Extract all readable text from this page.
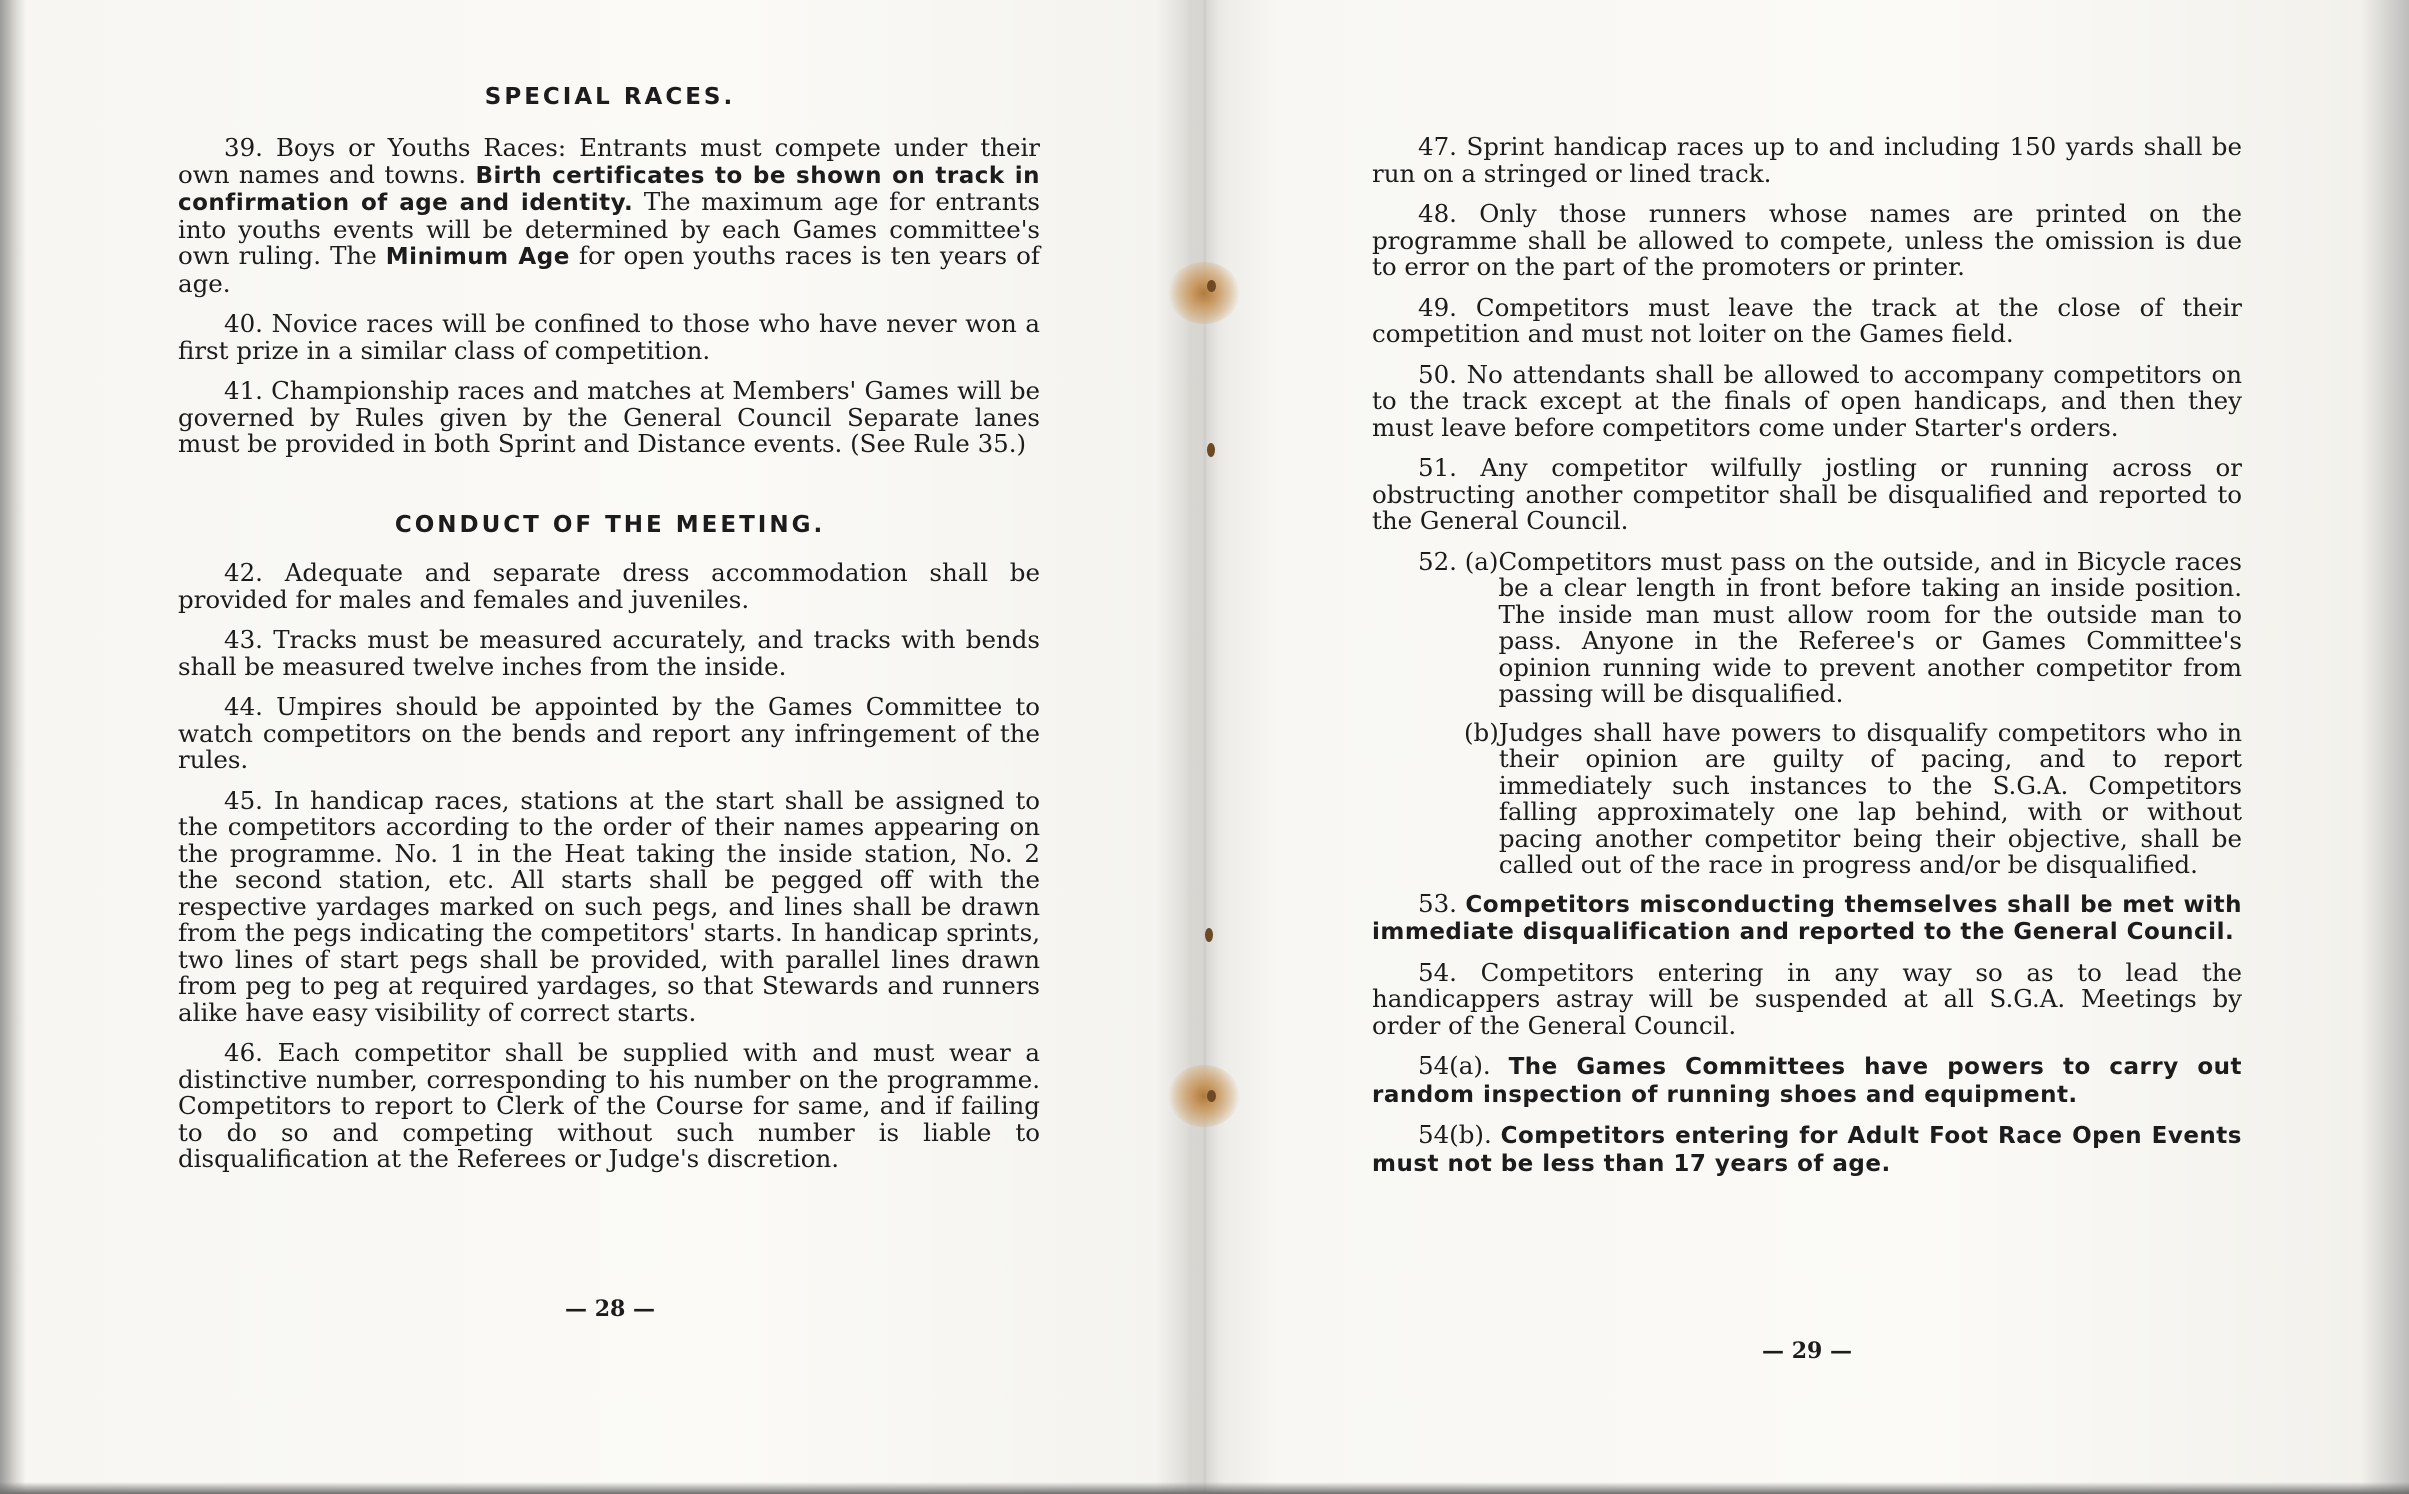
SPECIAL RACES.

39. Boys or Youths Races: Entrants must compete under their own names and towns. Birth certificates to be shown on track in confirmation of age and identity. The maximum age for entrants into youths events will be determined by each Games committee's own ruling. The Minimum Age for open youths races is ten years of age.

40. Novice races will be confined to those who have never won a first prize in a similar class of competition.

41. Championship races and matches at Members' Games will be governed by Rules given by the General Council Separate lanes must be provided in both Sprint and Distance events. (See Rule 35.)

CONDUCT OF THE MEETING.

42. Adequate and separate dress accommodation shall be provided for males and females and juveniles.

43. Tracks must be measured accurately, and tracks with bends shall be measured twelve inches from the inside.

44. Umpires should be appointed by the Games Committee to watch competitors on the bends and report any infringement of the rules.

45. In handicap races, stations at the start shall be assigned to the competitors according to the order of their names appearing on the programme. No. 1 in the Heat taking the inside station, No. 2 the second station, etc. All starts shall be pegged off with the respective yardages marked on such pegs, and lines shall be drawn from the pegs indicating the competitors' starts. In handicap sprints, two lines of start pegs shall be provided, with parallel lines drawn from peg to peg at required yardages, so that Stewards and runners alike have easy visibility of correct starts.

46. Each competitor shall be supplied with and must wear a distinctive number, corresponding to his number on the programme. Competitors to report to Clerk of the Course for same, and if failing to do so and competing without such number is liable to disqualification at the Referees or Judge's discretion.

— 28 —

47. Sprint handicap races up to and including 150 yards shall be run on a stringed or lined track.

48. Only those runners whose names are printed on the programme shall be allowed to compete, unless the omission is due to error on the part of the promoters or printer.

49. Competitors must leave the track at the close of their competition and must not loiter on the Games field.

50. No attendants shall be allowed to accompany competitors on to the track except at the finals of open handicaps, and then they must leave before competitors come under Starter's orders.

51. Any competitor wilfully jostling or running across or obstructing another competitor shall be disqualified and reported to the General Council.

52. (a) Competitors must pass on the outside, and in Bicycle races be a clear length in front before taking an inside position. The inside man must allow room for the outside man to pass. Anyone in the Referee's or Games Committee's opinion running wide to prevent another competitor from passing will be disqualified.
(b) Judges shall have powers to disqualify competitors who in their opinion are guilty of pacing, and to report immediately such instances to the S.G.A. Competitors falling approximately one lap behind, with or without pacing another competitor being their objective, shall be called out of the race in progress and/or be disqualified.

53. Competitors misconducting themselves shall be met with immediate disqualification and reported to the General Council.

54. Competitors entering in any way so as to lead the handicappers astray will be suspended at all S.G.A. Meetings by order of the General Council.

54(a). The Games Committees have powers to carry out random inspection of running shoes and equipment.

54(b). Competitors entering for Adult Foot Race Open Events must not be less than 17 years of age.

— 29 —
